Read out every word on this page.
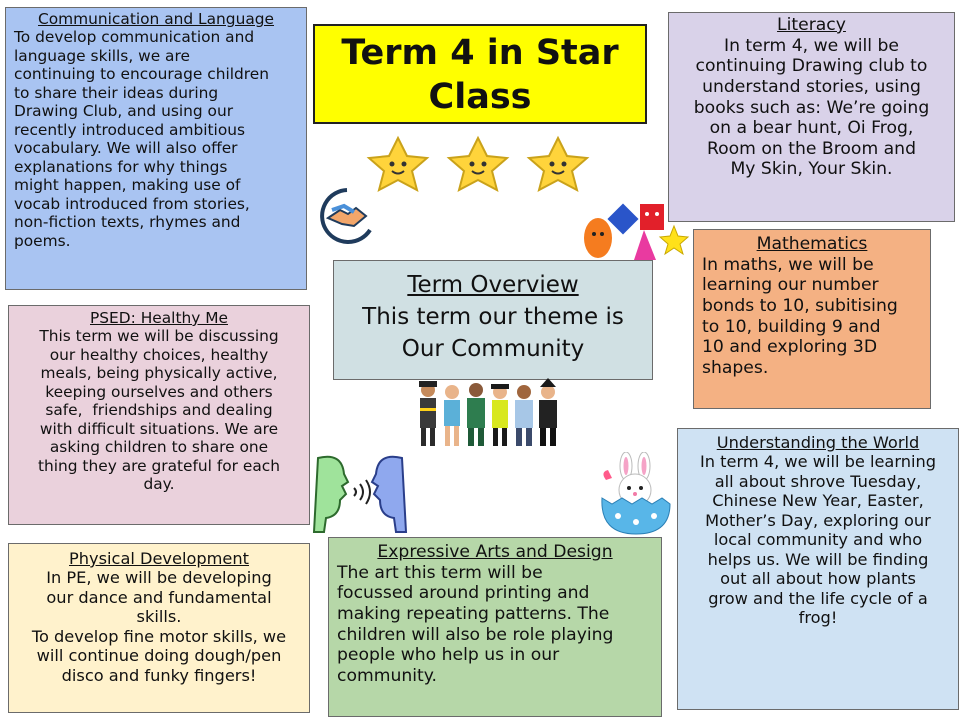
Term 4 in Star
Class
Term Overview
This term our theme is
Our Community
Communication and Language
To develop communication and
language skills, we are
continuing to encourage children
to share their ideas during
Drawing Club, and using our
recently introduced ambitious
vocabulary. We will also offer
explanations for why things
might happen, making use of
vocab introduced from stories,
non-fiction texts, rhymes and
poems.
PSED: Healthy Me
This term we will be discussing
our healthy choices, healthy
meals, being physically active,
keeping ourselves and others
safe,  friendships and dealing
with difficult situations. We are
asking children to share one
thing they are grateful for each
day.
Physical Development
In PE, we will be developing
our dance and fundamental
skills.
To develop fine motor skills, we
will continue doing dough/pen
disco and funky fingers!
Literacy
In term 4, we will be
continuing Drawing club to
understand stories, using
books such as: We’re going
on a bear hunt, Oi Frog,
Room on the Broom and
My Skin, Your Skin.
Mathematics
In maths, we will be
learning our number
bonds to 10, subitising
to 10, building 9 and
10 and exploring 3D
shapes.
Understanding the World
In term 4, we will be learning
all about shrove Tuesday,
Chinese New Year, Easter,
Mother’s Day, exploring our
local community and who
helps us. We will be finding
out all about how plants
grow and the life cycle of a
frog!
Expressive Arts and Design
The art this term will be
focussed around printing and
making repeating patterns. The
children will also be role playing
people who help us in our
community.
